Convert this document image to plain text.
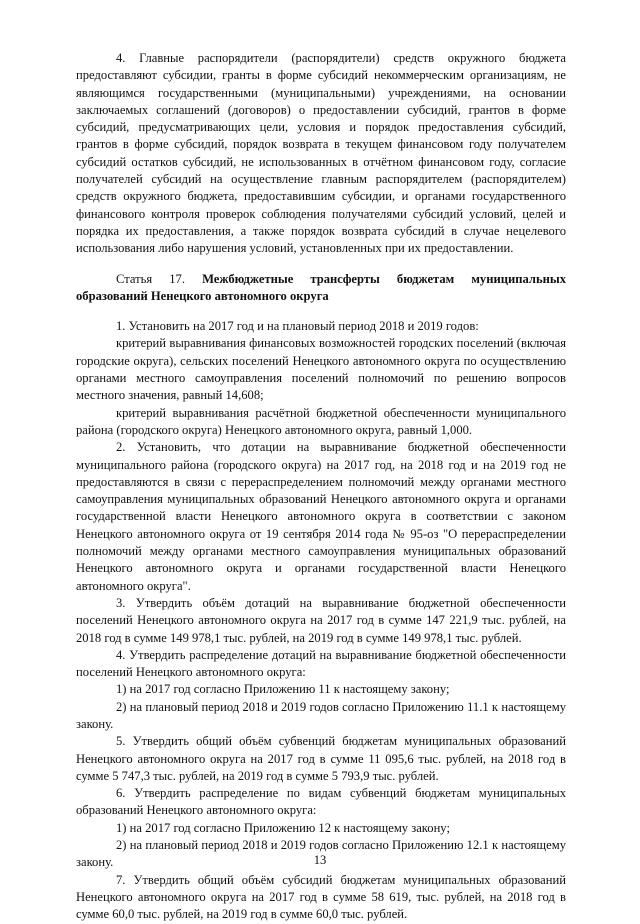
4. Главные распорядители (распорядители) средств окружного бюджета предоставляют субсидии, гранты в форме субсидий некоммерческим организациям, не являющимся государственными (муниципальными) учреждениями, на основании заключаемых соглашений (договоров) о предоставлении субсидий, грантов в форме субсидий, предусматривающих цели, условия и порядок предоставления субсидий, грантов в форме субсидий, порядок возврата в текущем финансовом году получателем субсидий остатков субсидий, не использованных в отчётном финансовом году, согласие получателей субсидий на осуществление главным распорядителем (распорядителем) средств окружного бюджета, предоставившим субсидии, и органами государственного финансового контроля проверок соблюдения получателями субсидий условий, целей и порядка их предоставления, а также порядок возврата субсидий в случае нецелевого использования либо нарушения условий, установленных при их предоставлении.

Статья 17. Межбюджетные трансферты бюджетам муниципальных образований Ненецкого автономного округа

1. Установить на 2017 год и на плановый период 2018 и 2019 годов:

критерий выравнивания финансовых возможностей городских поселений (включая городские округа), сельских поселений Ненецкого автономного округа по осуществлению органами местного самоуправления поселений полномочий по решению вопросов местного значения, равный 14,608;

критерий выравнивания расчётной бюджетной обеспеченности муниципального района (городского округа) Ненецкого автономного округа, равный 1,000.

2. Установить, что дотации на выравнивание бюджетной обеспеченности муниципального района (городского округа) на 2017 год, на 2018 год и на 2019 год не предоставляются в связи с перераспределением полномочий между органами местного самоуправления муниципальных образований Ненецкого автономного округа и органами государственной власти Ненецкого автономного округа в соответствии с законом Ненецкого автономного округа от 19 сентября 2014 года № 95-оз "О перераспределении полномочий между органами местного самоуправления муниципальных образований Ненецкого автономного округа и органами государственной власти Ненецкого автономного округа".

3. Утвердить объём дотаций на выравнивание бюджетной обеспеченности поселений Ненецкого автономного округа на 2017 год в сумме 147 221,9 тыс. рублей, на 2018 год в сумме 149 978,1 тыс. рублей, на 2019 год в сумме 149 978,1 тыс. рублей.

4. Утвердить распределение дотаций на выравнивание бюджетной обеспеченности поселений Ненецкого автономного округа:

1) на 2017 год согласно Приложению 11 к настоящему закону;

2) на плановый период 2018 и 2019 годов согласно Приложению 11.1 к настоящему закону.

5. Утвердить общий объём субвенций бюджетам муниципальных образований Ненецкого автономного округа на 2017 год в сумме 11 095,6 тыс. рублей, на 2018 год в сумме 5 747,3 тыс. рублей, на 2019 год в сумме 5 793,9 тыс. рублей.

6. Утвердить распределение по видам субвенций бюджетам муниципальных образований Ненецкого автономного округа:

1) на 2017 год согласно Приложению 12 к настоящему закону;

2) на плановый период 2018 и 2019 годов согласно Приложению 12.1 к настоящему закону.

7. Утвердить общий объём субсидий бюджетам муниципальных образований Ненецкого автономного округа на 2017 год в сумме 58 619, тыс. рублей, на 2018 год в сумме 60,0 тыс. рублей, на 2019 год в сумме 60,0 тыс. рублей.

13
